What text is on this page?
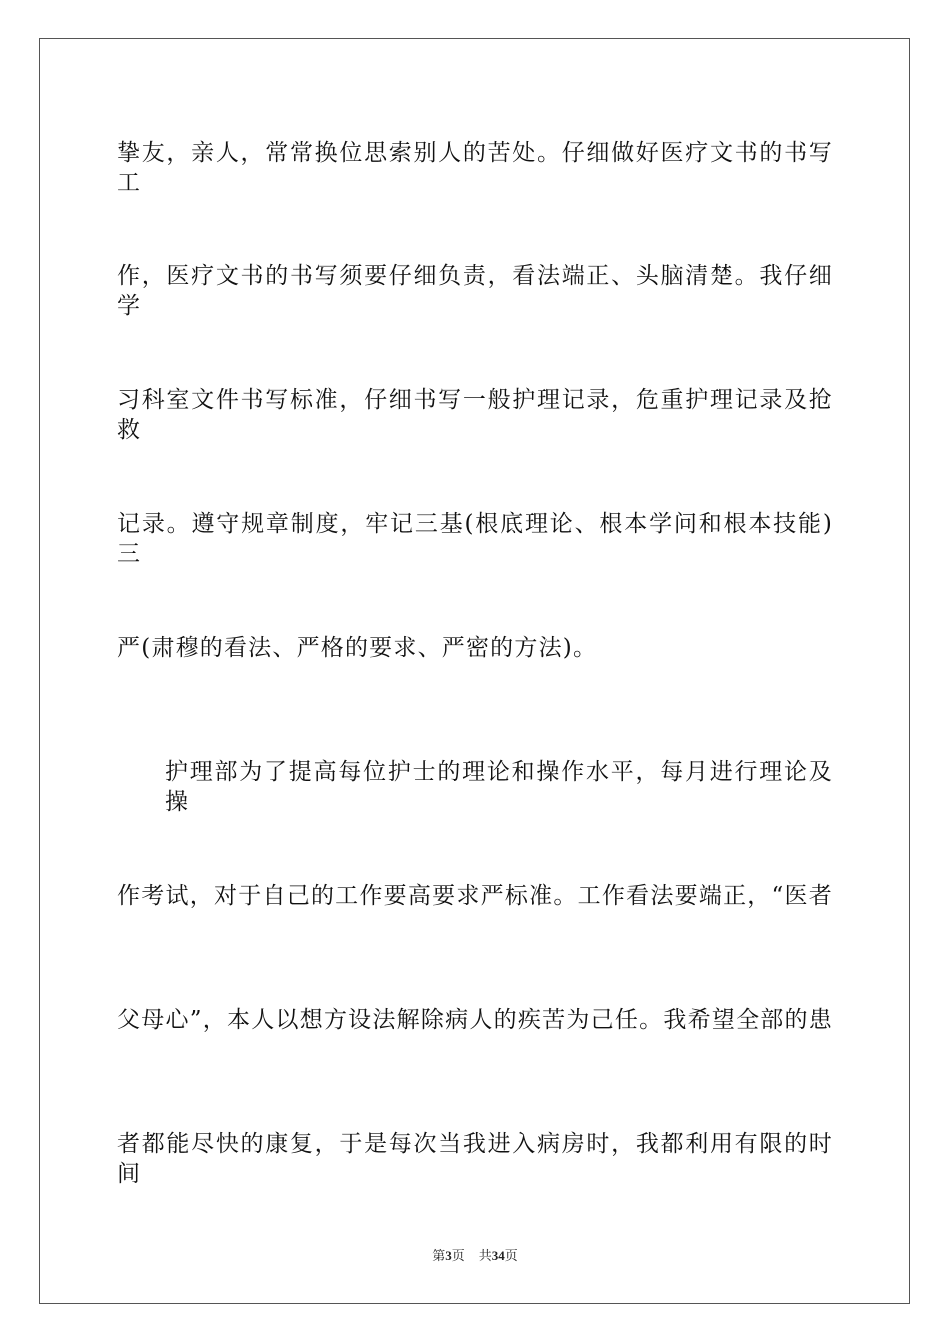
挚友，亲人，常常换位思索别人的苦处。仔细做好医疗文书的书写工
作，医疗文书的书写须要仔细负责，看法端正、头脑清楚。我仔细学
习科室文件书写标准，仔细书写一般护理记录，危重护理记录及抢救
记录。遵守规章制度，牢记三基(根底理论、根本学问和根本技能)三
严(肃穆的看法、严格的要求、严密的方法)。
护理部为了提高每位护士的理论和操作水平，每月进行理论及操
作考试，对于自己的工作要高要求严标准。工作看法要端正，“医者
父母心”，本人以想方设法解除病人的疾苦为己任。我希望全部的患
者都能尽快的康复，于是每次当我进入病房时，我都利用有限的时间
第3页 共34页
